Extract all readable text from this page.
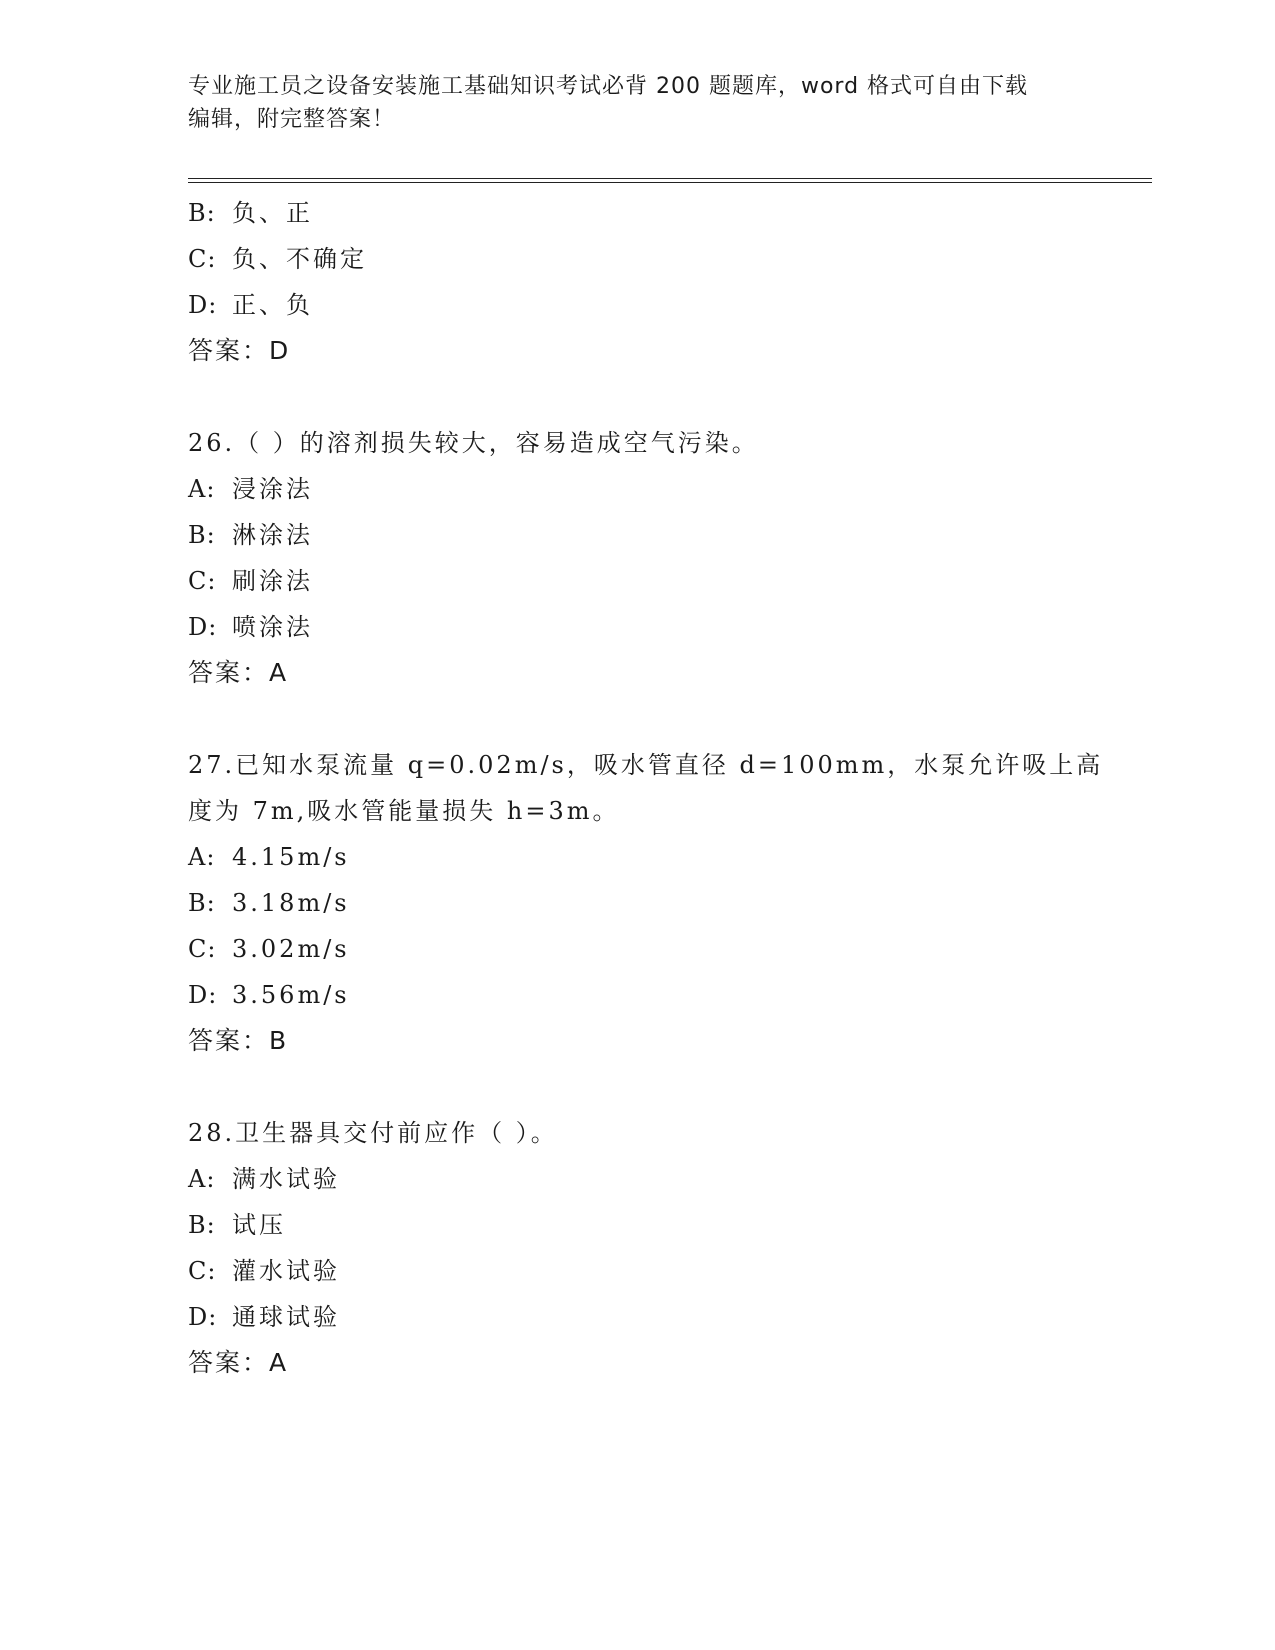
专业施工员之设备安装施工基础知识考试必背 200 题题库，word 格式可自由下载
编辑，附完整答案！
B: 负、正
C: 负、不确定
D: 正、负
答案：D
26.（ ）的溶剂损失较大，容易造成空气污染。
A: 浸涂法
B: 淋涂法
C: 刷涂法
D: 喷涂法
答案：A
27.已知水泵流量 q=0.02m/s，吸水管直径 d=100mm，水泵允许吸上高
度为 7m,吸水管能量损失 h=3m。
A: 4.15m/s
B: 3.18m/s
C: 3.02m/s
D: 3.56m/s
答案：B
28.卫生器具交付前应作（ ）。
A: 满水试验
B: 试压
C: 灌水试验
D: 通球试验
答案：A
